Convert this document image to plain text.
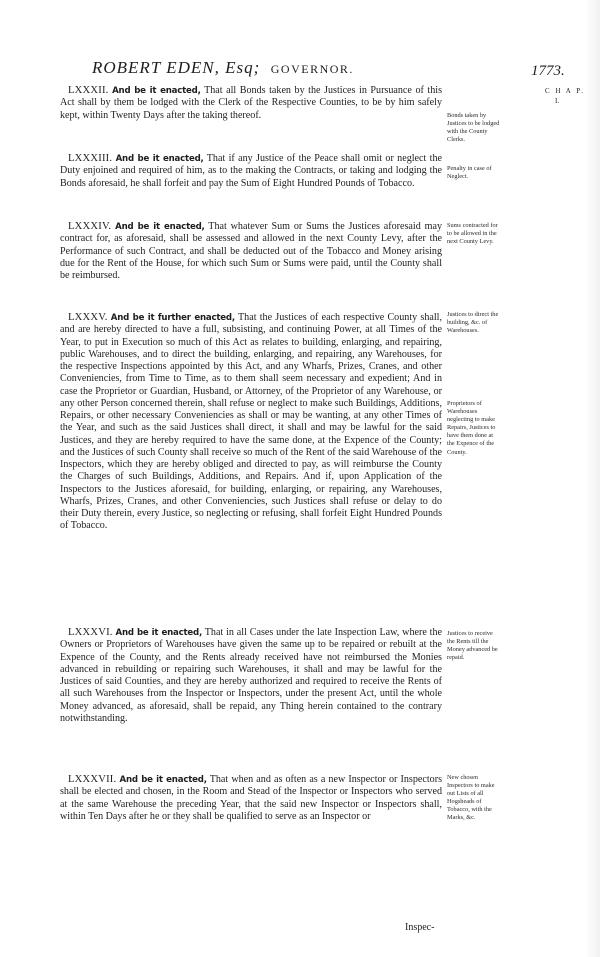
ROBERT EDEN, Esq; GOVERNOR.	1773.
C H A P.
I.
LXXXII. And be it enacted, That all Bonds taken by the Justices in Pursuance of this Act shall by them be lodged with the Clerk of the Respective Counties, to be by him safely kept, within Twenty Days after the taking thereof.
LXXXIII. And be it enacted, That if any Justice of the Peace shall omit or neglect the Duty enjoined and required of him, as to the making the Contracts, or taking and lodging the Bonds aforesaid, he shall forfeit and pay the Sum of Eight Hundred Pounds of Tobacco.
LXXXIV. And be it enacted, That whatever Sum or Sums the Justices aforesaid may contract for, as aforesaid, shall be assessed and allowed in the next County Levy, after the Performance of such Contract, and shall be deducted out of the Tobacco and Money arising due for the Rent of the House, for which such Sum or Sums were paid, until the County shall be reimbursed.
LXXXV. And be it further enacted, That the Justices of each respective County shall, and are hereby directed to have a full, subsisting, and continuing Power, at all Times of the Year, to put in Execution so much of this Act as relates to building, enlarging, and repairing, public Warehouses, and to direct the building, enlarging, and repairing, any Warehouses, for the respective Inspections appointed by this Act, and any Wharfs, Prizes, Cranes, and other Conveniencies, from Time to Time, as to them shall seem necessary and expedient; And in case the Proprietor or Guardian, Husband, or Attorney, of the Proprietor of any Warehouse, or any other Person concerned therein, shall refuse or neglect to make such Buildings, Additions, Repairs, or other necessary Conveniencies as shall or may be wanting, at any other Times of the Year, and such as the said Justices shall direct, it shall and may be lawful for the said Justices, and they are hereby required to have the same done, at the Expence of the County; and the Justices of such County shall receive so much of the Rent of the said Warehouse of the Inspectors, which they are hereby obliged and directed to pay, as will reimburse the County the Charges of such Buildings, Additions, and Repairs. And if, upon Application of the Inspectors to the Justices aforesaid, for building, enlarging, or repairing, any Warehouses, Wharfs, Prizes, Cranes, and other Conveniencies, such Justices shall refuse or delay to do their Duty therein, every Justice, so neglecting or refusing, shall forfeit Eight Hundred Pounds of Tobacco.
LXXXVI. And be it enacted, That in all Cases under the late Inspection Law, where the Owners or Proprietors of Warehouses have given the same up to be repaired or rebuilt at the Expence of the County, and the Rents already received have not reimbursed the Monies advanced in rebuilding or repairing such Warehouses, it shall and may be lawful for the Justices of said Counties, and they are hereby authorized and required to receive the Rents of all such Warehouses from the Inspector or Inspectors, under the present Act, until the whole Money advanced, as aforesaid, shall be repaid, any Thing herein contained to the contrary notwithstanding.
LXXXVII. And be it enacted, That when and as often as a new Inspector or Inspectors shall be elected and chosen, in the Room and Stead of the Inspector or Inspectors who served at the same Warehouse the preceding Year, that the said new Inspector or Inspectors shall, within Ten Days after he or they shall be qualified to serve as an Inspector or
Inspec-
Bonds taken by Justices to be lodged with the County Clerks.
Penalty in case of Neglect.
Sums contracted for to be allowed in the next County Levy.
Justices to direct the building, &c. of Warehouses.
Proprietors of Warehouses neglecting to make Repairs, Justices to have them done at the Expence of the County.
Justices to receive the Rents till the Money advanced be repaid.
New chosen Inspectors to make out Lists of all Hogsheads of Tobacco, with the Marks, &c.
